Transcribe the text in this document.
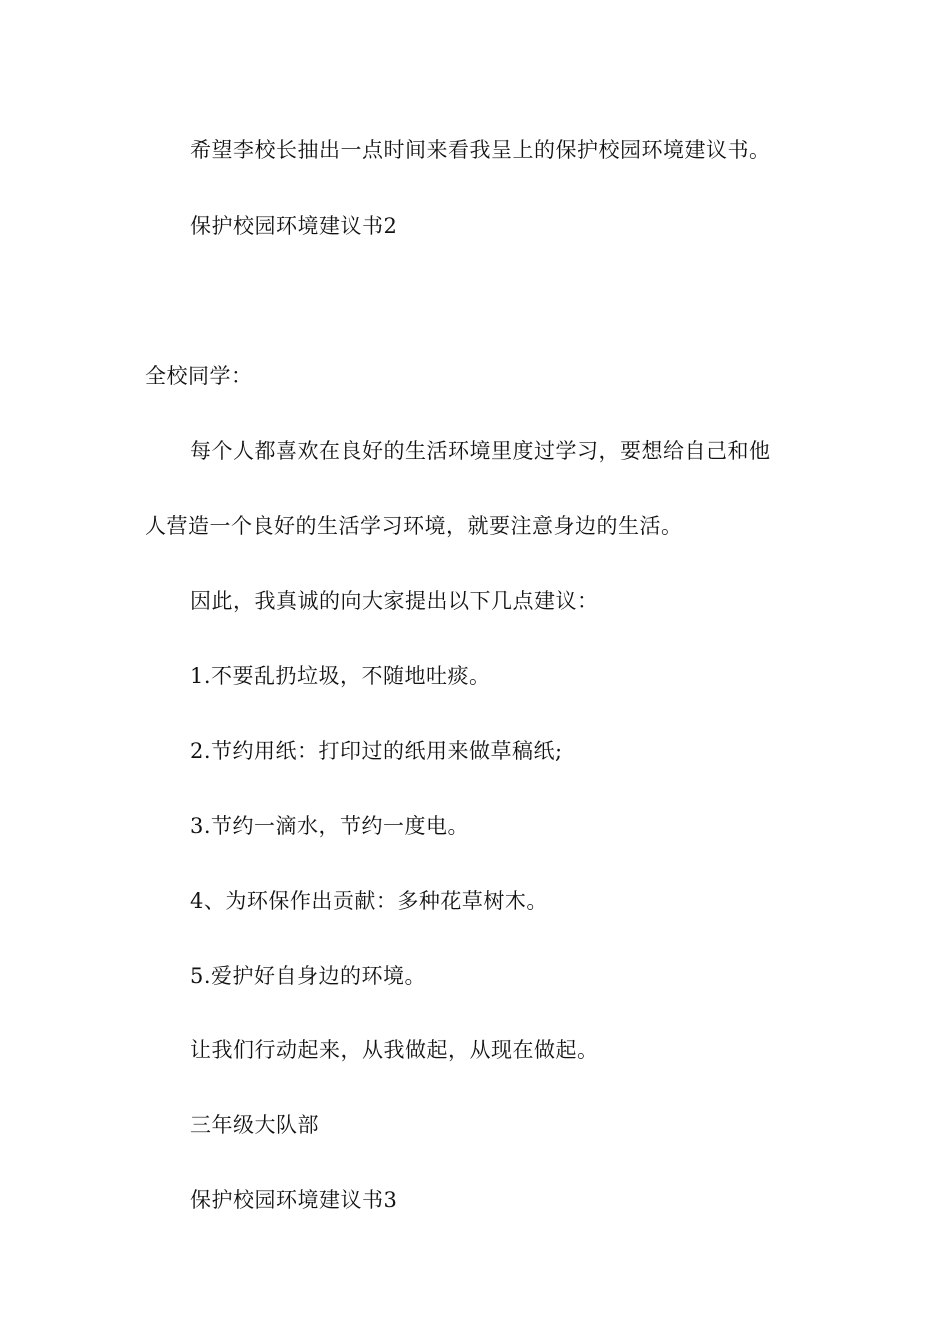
希望李校长抽出一点时间来看我呈上的保护校园环境建议书。
保护校园环境建议书2
全校同学：
每个人都喜欢在良好的生活环境里度过学习，要想给自己和他
人营造一个良好的生活学习环境，就要注意身边的生活。
因此，我真诚的向大家提出以下几点建议：
1.不要乱扔垃圾，不随地吐痰。
2.节约用纸：打印过的纸用来做草稿纸;
3.节约一滴水，节约一度电。
4、为环保作出贡献：多种花草树木。
5.爱护好自身边的环境。
让我们行动起来，从我做起，从现在做起。
三年级大队部
保护校园环境建议书3
